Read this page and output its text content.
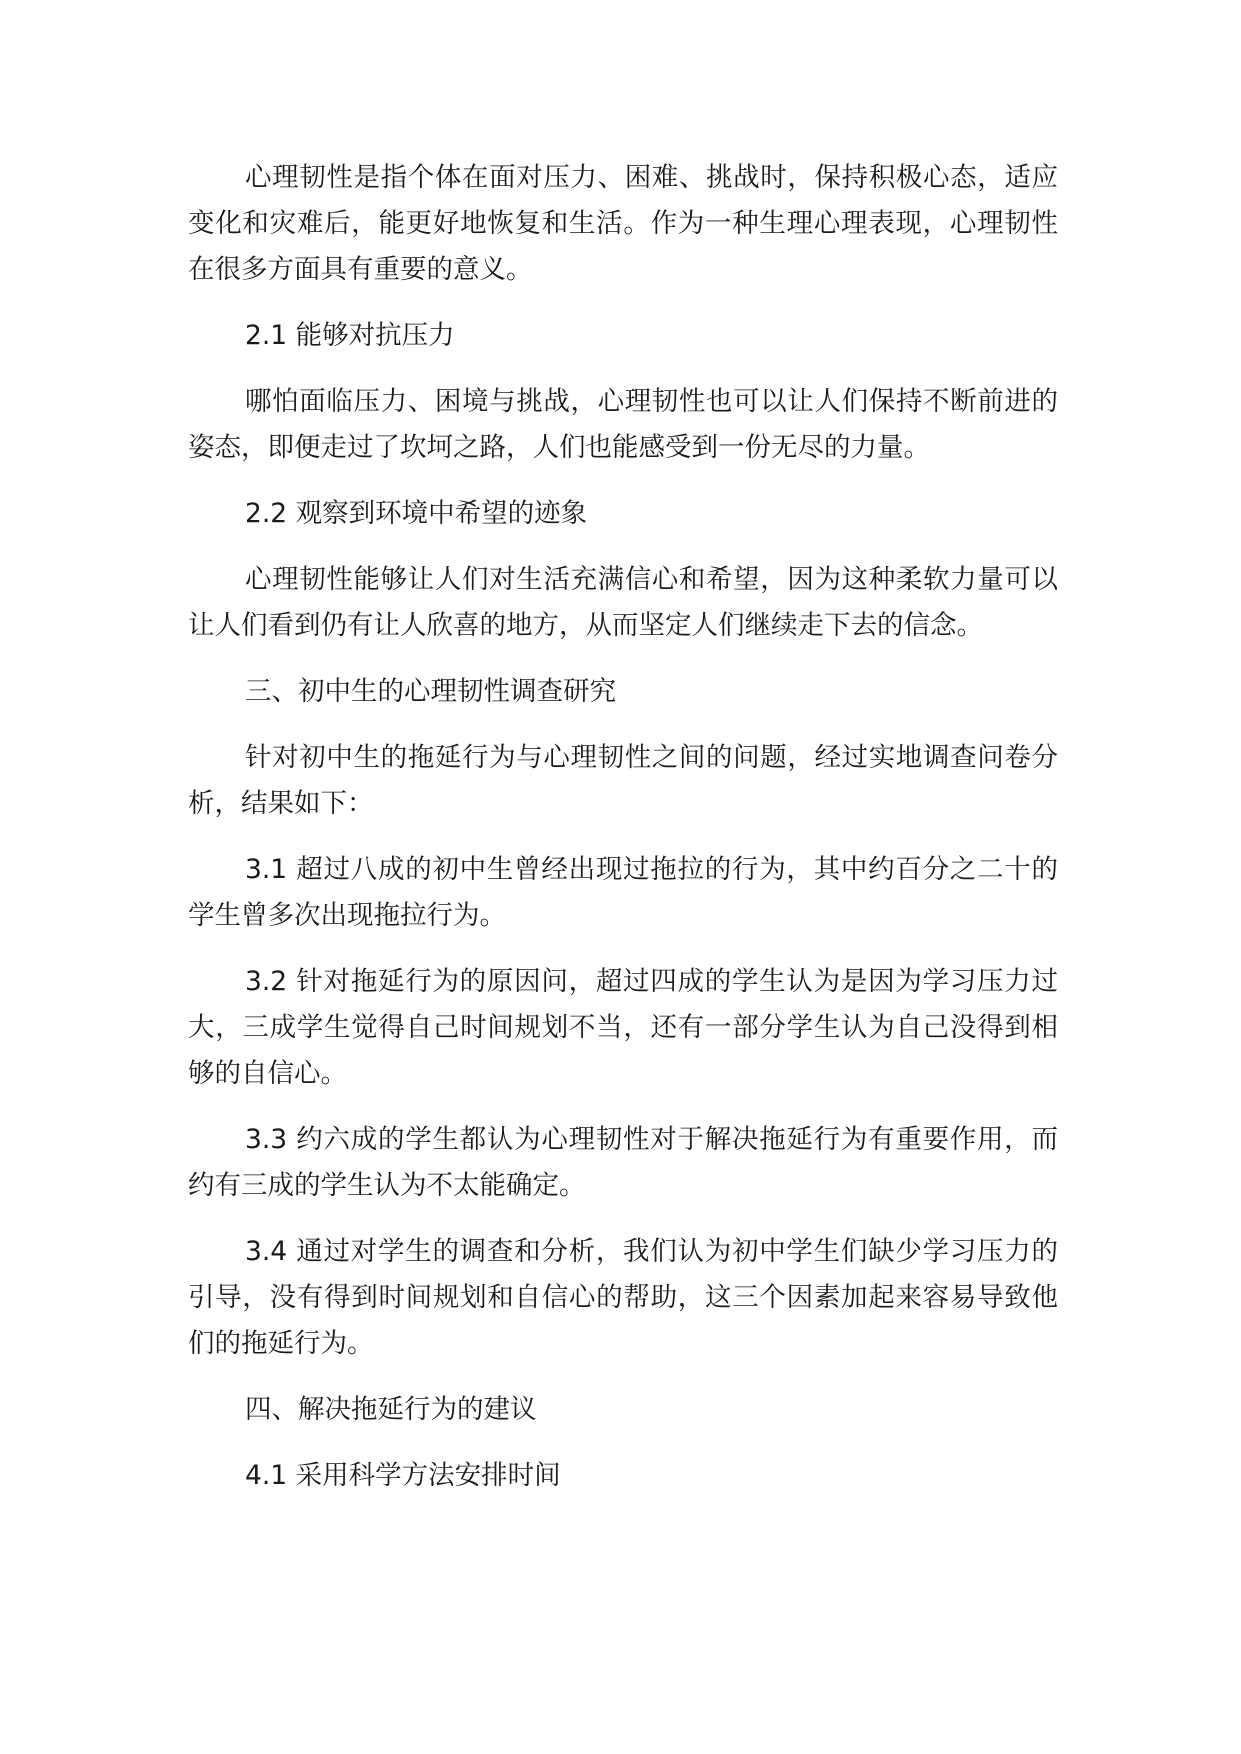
心理韧性是指个体在面对压力、困难、挑战时，保持积极心态，适应变化和灾难后，能更好地恢复和生活。作为一种生理心理表现，心理韧性在很多方面具有重要的意义。

2.1 能够对抗压力

哪怕面临压力、困境与挑战，心理韧性也可以让人们保持不断前进的姿态，即便走过了坎坷之路，人们也能感受到一份无尽的力量。

2.2 观察到环境中希望的迹象

心理韧性能够让人们对生活充满信心和希望，因为这种柔软力量可以让人们看到仍有让人欣喜的地方，从而坚定人们继续走下去的信念。

三、初中生的心理韧性调查研究

针对初中生的拖延行为与心理韧性之间的问题，经过实地调查问卷分析，结果如下：

3.1 超过八成的初中生曾经出现过拖拉的行为，其中约百分之二十的学生曾多次出现拖拉行为。

3.2 针对拖延行为的原因问，超过四成的学生认为是因为学习压力过大，三成学生觉得自己时间规划不当，还有一部分学生认为自己没得到相够的自信心。

3.3 约六成的学生都认为心理韧性对于解决拖延行为有重要作用，而约有三成的学生认为不太能确定。

3.4 通过对学生的调查和分析，我们认为初中学生们缺少学习压力的引导，没有得到时间规划和自信心的帮助，这三个因素加起来容易导致他们的拖延行为。

四、解决拖延行为的建议

4.1 采用科学方法安排时间
